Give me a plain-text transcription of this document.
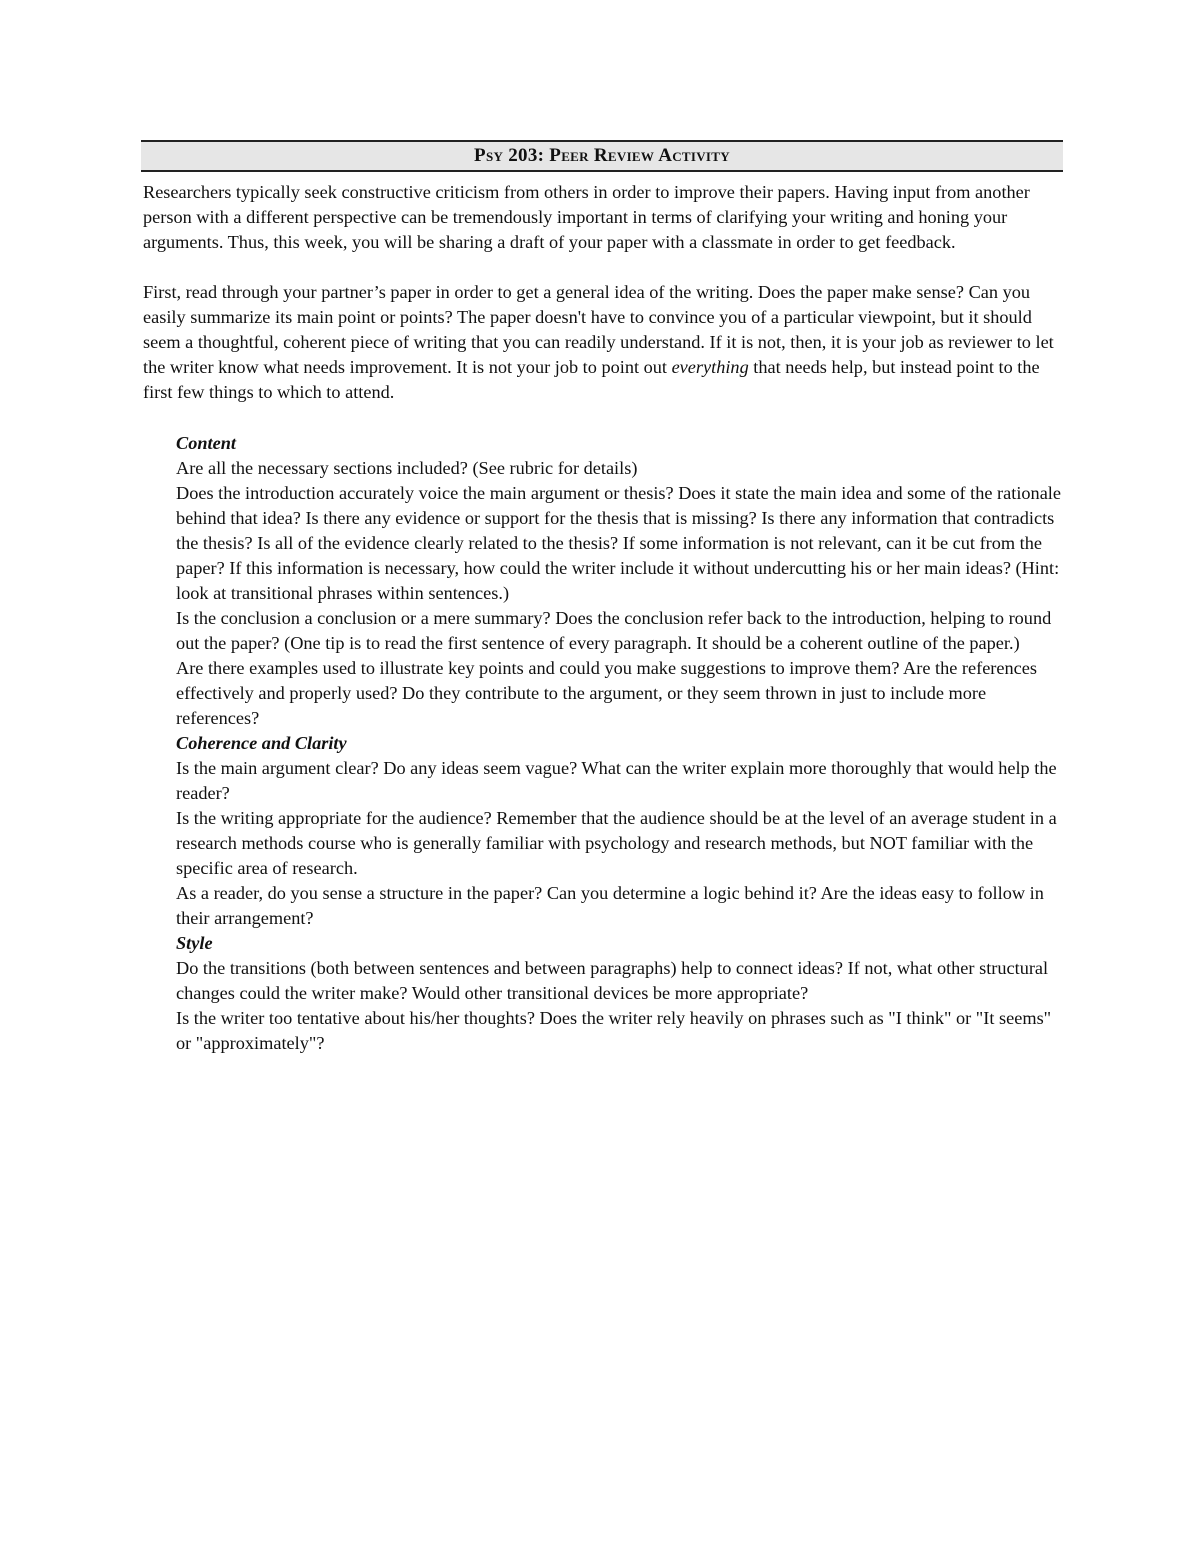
Psy 203: Peer Review Activity

Researchers typically seek constructive criticism from others in order to improve their papers. Having input from another person with a different perspective can be tremendously important in terms of clarifying your writing and honing your arguments. Thus, this week, you will be sharing a draft of your paper with a classmate in order to get feedback.

First, read through your partner’s paper in order to get a general idea of the writing. Does the paper make sense? Can you easily summarize its main point or points? The paper doesn't have to convince you of a particular viewpoint, but it should seem a thoughtful, coherent piece of writing that you can readily understand. If it is not, then, it is your job as reviewer to let the writer know what needs improvement. It is not your job to point out everything that needs help, but instead point to the first few things to which to attend.

Content

Are all the necessary sections included? (See rubric for details)

Does the introduction accurately voice the main argument or thesis? Does it state the main idea and some of the rationale behind that idea? Is there any evidence or support for the thesis that is missing? Is there any information that contradicts the thesis? Is all of the evidence clearly related to the thesis? If some information is not relevant, can it be cut from the paper? If this information is necessary, how could the writer include it without undercutting his or her main ideas? (Hint: look at transitional phrases within sentences.)

Is the conclusion a conclusion or a mere summary? Does the conclusion refer back to the introduction, helping to round out the paper? (One tip is to read the first sentence of every paragraph. It should be a coherent outline of the paper.)

Are there examples used to illustrate key points and could you make suggestions to improve them? Are the references effectively and properly used? Do they contribute to the argument, or they seem thrown in just to include more references?

Coherence and Clarity

Is the main argument clear? Do any ideas seem vague? What can the writer explain more thoroughly that would help the reader?

Is the writing appropriate for the audience? Remember that the audience should be at the level of an average student in a research methods course who is generally familiar with psychology and research methods, but NOT familiar with the specific area of research.

As a reader, do you sense a structure in the paper? Can you determine a logic behind it? Are the ideas easy to follow in their arrangement?

Style

Do the transitions (both between sentences and between paragraphs) help to connect ideas? If not, what other structural changes could the writer make? Would other transitional devices be more appropriate?

Is the writer too tentative about his/her thoughts? Does the writer rely heavily on phrases such as "I think" or "It seems" or "approximately"?
